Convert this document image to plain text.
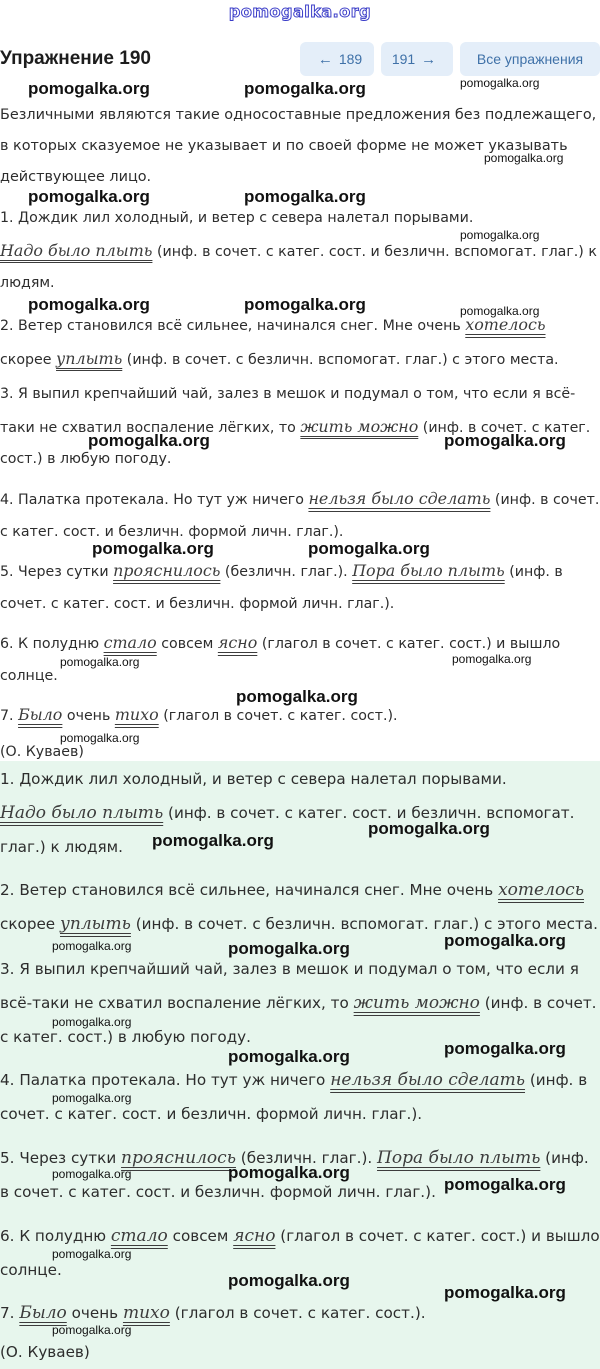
pomogalka.org
Упражнение 190	← 189 191 →	Все упражнения
Безличными являются такие односоставные предложения без подлежащего, в которых сказуемое не указывает и по своей форме не может указывать действующее лицо.
1. Дождик лил холодный, и ветер с севера налетал порывами.
Надо было плыть (инф. в сочет. с катег. сост. и безличн. вспомогат. глаг.) к людям.
2. Ветер становился всё сильнее, начинался снег. Мне очень хотелось скорее уплыть (инф. в сочет. с безличн. вспомогат. глаг.) с этого места.
3. Я выпил крепчайший чай, залез в мешок и подумал о том, что если я всё-таки не схватил воспаление лёгких, то жить можно (инф. в сочет. с катег. сост.) в любую погоду.
4. Палатка протекала. Но тут уж ничего нельзя было сделать (инф. в сочет. с катег. сост. и безличн. формой личн. глаг.).
5. Через сутки прояснилось (безличн. глаг.). Пора было плыть (инф. в сочет. с катег. сост. и безличн. формой личн. глаг.).
6. К полудню стало совсем ясно (глагол в сочет. с катег. сост.) и вышло солнце.
7. Было очень тихо (глагол в сочет. с катег. сост.).
(О. Куваев)
1. Дождик лил холодный, и ветер с севера налетал порывами.
Надо было плыть (инф. в сочет. с катег. сост. и безличн. вспомогат. глаг.) к людям.
2. Ветер становился всё сильнее, начинался снег. Мне очень хотелось скорее уплыть (инф. в сочет. с безличн. вспомогат. глаг.) с этого места.
3. Я выпил крепчайший чай, залез в мешок и подумал о том, что если я всё-таки не схватил воспаление лёгких, то жить можно (инф. в сочет. с катег. сост.) в любую погоду.
4. Палатка протекала. Но тут уж ничего нельзя было сделать (инф. в сочет. с катег. сост. и безличн. формой личн. глаг.).
5. Через сутки прояснилось (безличн. глаг.). Пора было плыть (инф. в сочет. с катег. сост. и безличн. формой личн. глаг.).
6. К полудню стало совсем ясно (глагол в сочет. с катег. сост.) и вышло солнце.
7. Было очень тихо (глагол в сочет. с катег. сост.).
(О. Куваев)
pomogalka.org	pomogalka.org	pomogalka.org
pomogalka.org
pomogalka.org	pomogalka.org
pomogalka.org
pomogalka.org	pomogalka.org	pomogalka.org
pomogalka.org	pomogalka.org
pomogalka.org	pomogalka.org
pomogalka.org	pomogalka.org
pomogalka.org
pomogalka.org
pomogalka.org
pomogalka.org
pomogalka.org
pomogalka.org	pomogalka.org
pomogalka.org
pomogalka.org
pomogalka.org
pomogalka.org
pomogalka.org	pomogalka.org
pomogalka.org
pomogalka.org
pomogalka.org
pomogalka.org
pomogalka.org
